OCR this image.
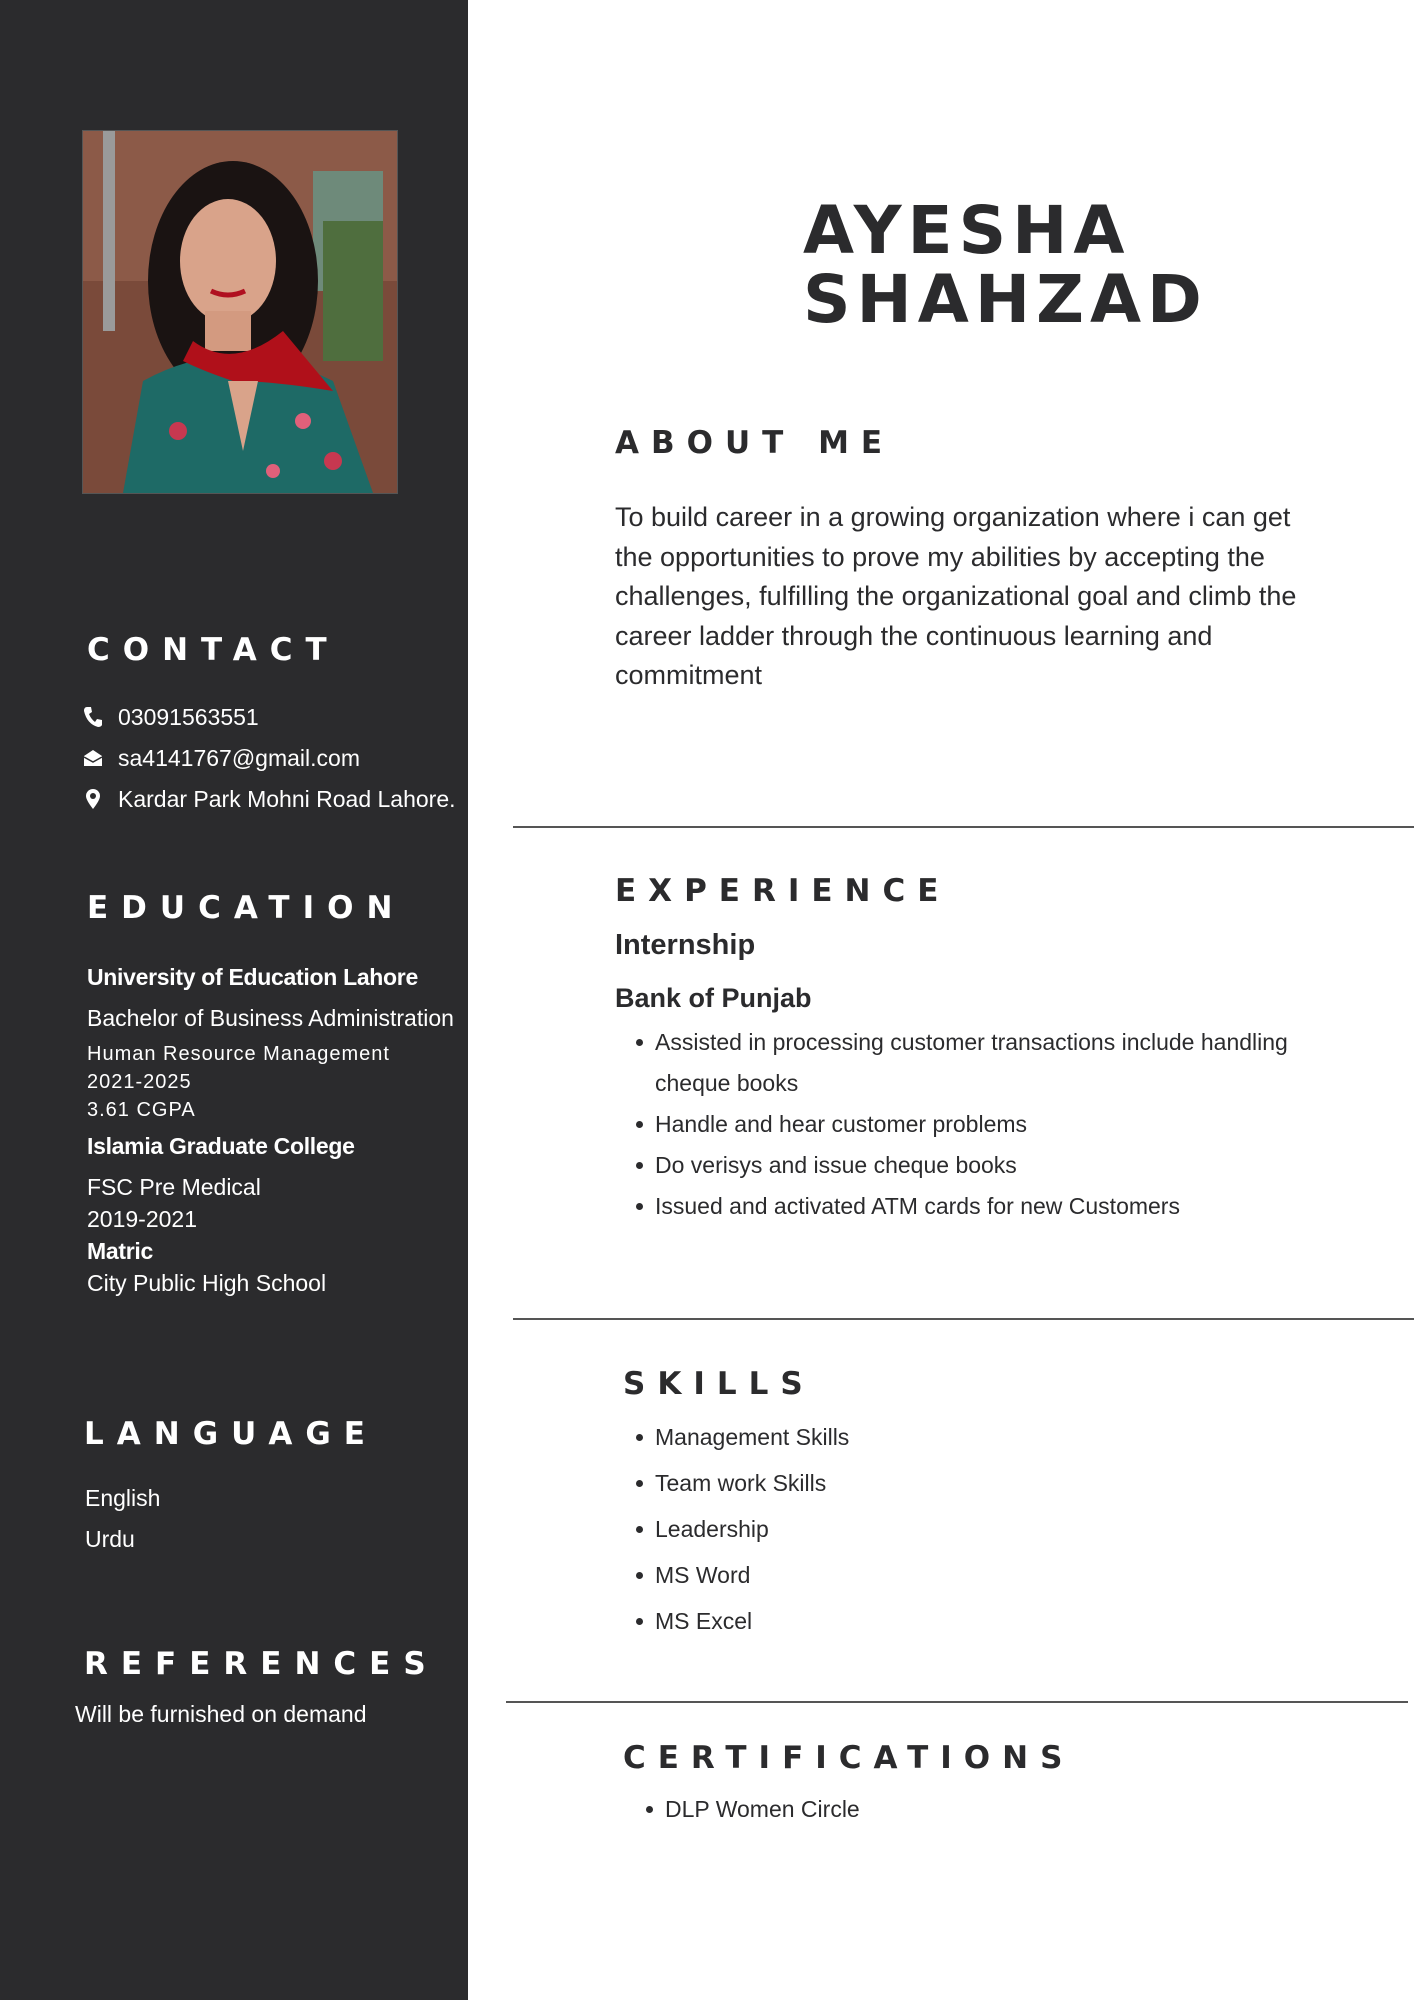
CONTACT
03091563551
sa4141767@gmail.com
Kardar Park Mohni Road Lahore.
EDUCATION
University of Education Lahore
Bachelor of Business Administration
Human Resource Management
2021-2025
3.61 CGPA
Islamia Graduate College
FSC Pre Medical
2019-2021
Matric
City Public High School
LANGUAGE
English
Urdu
REFERENCES
Will be furnished on demand
AYESHA
SHAHZAD
ABOUT ME

To build career in a growing organization where i can get the opportunities to prove my abilities by accepting the challenges, fulfilling the organizational goal and climb the career ladder through the continuous learning and commitment

EXPERIENCE
Internship
Bank of Punjab
Assisted in processing customer transactions include handling cheque books
Handle and hear customer problems
Do verisys and issue cheque books
Issued and activated ATM cards for new Customers
SKILLS
Management Skills
Team work Skills
Leadership
MS Word
MS Excel
CERTIFICATIONS
DLP Women Circle
